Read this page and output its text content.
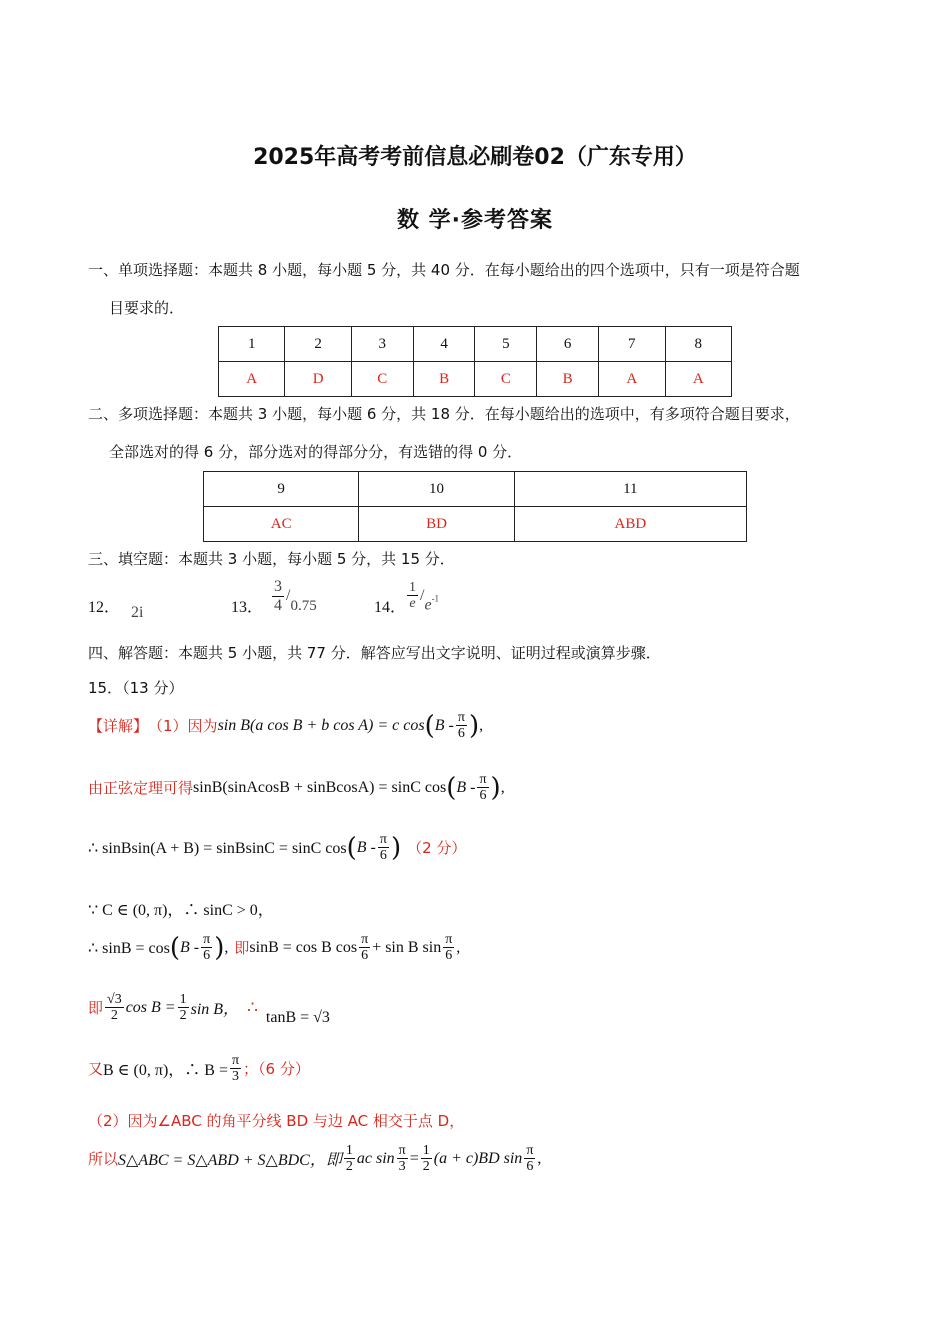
2025年高考考前信息必刷卷02（广东专用）
数 学·参考答案
一、单项选择题：本题共 8 小题，每小题 5 分，共 40 分．在每小题给出的四个选项中，只有一项是符合题
目要求的．
1	2	3	4	5	6	7	8
A	D	C	B	C	B	A	A
二、多项选择题：本题共 3 小题，每小题 6 分，共 18 分．在每小题给出的选项中，有多项符合题目要求，
全部选对的得 6 分，部分选对的得部分分，有选错的得 0 分．
9	10	11
AC	BD	ABD
三、填空题：本题共 3 小题，每小题 5 分，共 15 分．
12． 2i	13． $\frac{3}{4} /0.75$	14． $\frac{1}{e} /e^{-1}$
四、解答题：本题共 5 小题，共 77 分．解答应写出文字说明、证明过程或演算步骤．
15．（13 分）
【详解】 （1）因为 sin B(a cos B + b cos A) = c cos ( B - $\frac{\pi}{6}$ ) ,
由正弦定理可得 sinB(sinAcosB + sinBcosA) = sinC cos ( B - $\frac{\pi}{6}$ ) ,
∴ sinBsin(A + B) = sinBsinC = sinC cos ( B - $\frac{\pi}{6}$ ) （2 分）
∵ C ∈ (0, π)，∴ sinC > 0，
∴ sinB = cos ( B - $\frac{\pi}{6}$ ) , 即 sinB = cos B $\cos \frac{\pi}{6} + \sin B$ $\sin \frac{\pi}{6}$ ,
即 $\frac{√3}{2}$ $\cos B = \frac{1}{2}$ sin B， ∴ tanB = √3
又 B ∈ (0, π)，∴ $B = \frac{\pi}{3}$ ；（6 分）
（2）因为∠ABC 的角平分线 BD 与边 AC 相交于点 D，
所以 S△ABC = S△ABD + S△BDC，即 $\frac{1}{2}$ ac $\sin \frac{\pi}{3} = \frac{1}{2} (a + c)BD$ $\sin \frac{\pi}{6}$ ,
